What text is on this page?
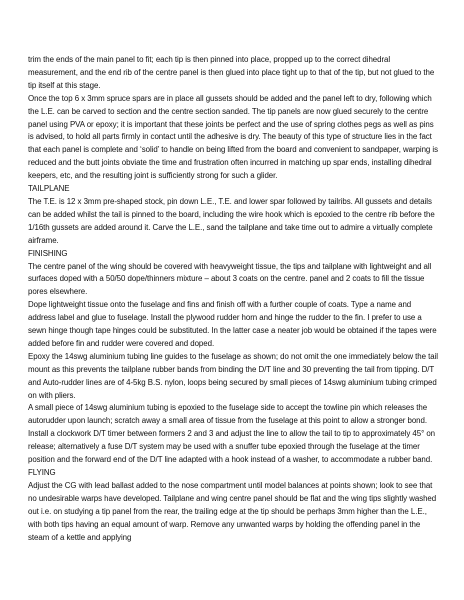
trim the ends of the main panel to fit; each tip is then pinned into place, propped up to the correct dihedral measurement, and the end rib of the centre panel is then glued into place tight up to that of the tip, but not glued to the tip itself at this stage.

Once the top 6 x 3mm spruce spars are in place all gussets should be added and the panel left to dry, following which the L.E. can be carved to section and the centre section sanded. The tip panels are now glued securely to the centre panel using PVA or epoxy; it is important that these joints be perfect and the use of spring clothes pegs as well as pins is advised, to hold all parts firmly in contact until the adhesive is dry. The beauty of this type of structure lies in the fact that each panel is complete and ‘solid’ to handle on being lifted from the board and convenient to sandpaper, warping is reduced and the butt joints obviate the time and frustration often incurred in matching up spar ends, installing dihedral keepers, etc, and the resulting joint is sufficiently strong for such a glider.

TAILPLANE

The T.E. is 12 x 3mm pre-shaped stock, pin down L.E., T.E. and lower spar followed by tailribs. All gussets and details can be added whilst the tail is pinned to the board, including the wire hook which is epoxied to the centre rib before the 1/16th gussets are added around it. Carve the L.E., sand the tailplane and take time out to admire a virtually complete airframe.

FINISHING

The centre panel of the wing should be covered with heavyweight tissue, the tips and tailplane with lightweight and all surfaces doped with a 50/50 dope/thinners mixture – about 3 coats on the centre. panel and 2 coats to fill the tissue pores elsewhere.

Dope lightweight tissue onto the fuselage and fins and finish off with a further couple of coats. Type a name and address label and glue to fuselage. Install the plywood rudder horn and hinge the rudder to the fin. I prefer to use a sewn hinge though tape hinges could be substituted. In the latter case a neater job would be obtained if the tapes were added before fin and rudder were covered and doped.

Epoxy the 14swg aluminium tubing line guides to the fuselage as shown; do not omit the one immediately below the tail mount as this prevents the tailplane rubber bands from binding the D/T line and 30 preventing the tail from tipping. D/T

and Auto-rudder lines are of 4-5kg B.S. nylon, loops being secured by small pieces of 14swg aluminium tubing crimped on with pliers.

A small piece of 14swg aluminium tubing is epoxied to the fuselage side to accept the towline pin which releases the autorudder upon launch; scratch away a small area of tissue from the fuselage at this point to allow a stronger bond.

Install a clockwork D/T timer between formers 2 and 3 and adjust the line to allow the tail to tip to approximately 45° on release; alternatively a fuse D/T system may be used with a snuffer tube epoxied through the fuselage at the timer position and the forward end of the D/T line adapted with a hook instead of a washer, to accommodate a rubber band.

FLYING

Adjust the CG with lead ballast added to the nose compartment until model balances at points shown; look to see that no undesirable warps have developed. Tailplane and wing centre panel should be flat and the wing tips slightly washed out i.e. on studying a tip panel from the rear, the trailing edge at the tip should be perhaps 3mm higher than the L.E., with both tips having an equal amount of warp. Remove any unwanted warps by holding the offending panel in the steam of a kettle and applying
